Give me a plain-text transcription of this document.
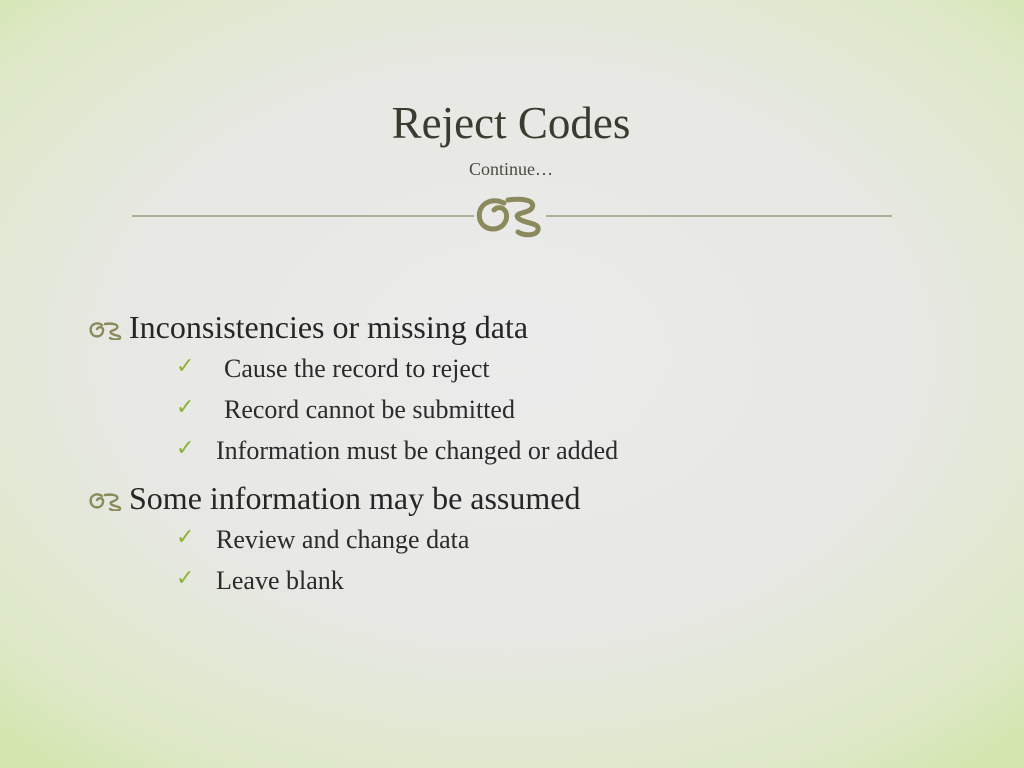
Reject Codes
Continue…
Inconsistencies or missing data
✓ Cause the record to reject
✓ Record cannot be submitted
✓ Information must be changed or added
Some information may be assumed
✓ Review and change data
✓ Leave blank
